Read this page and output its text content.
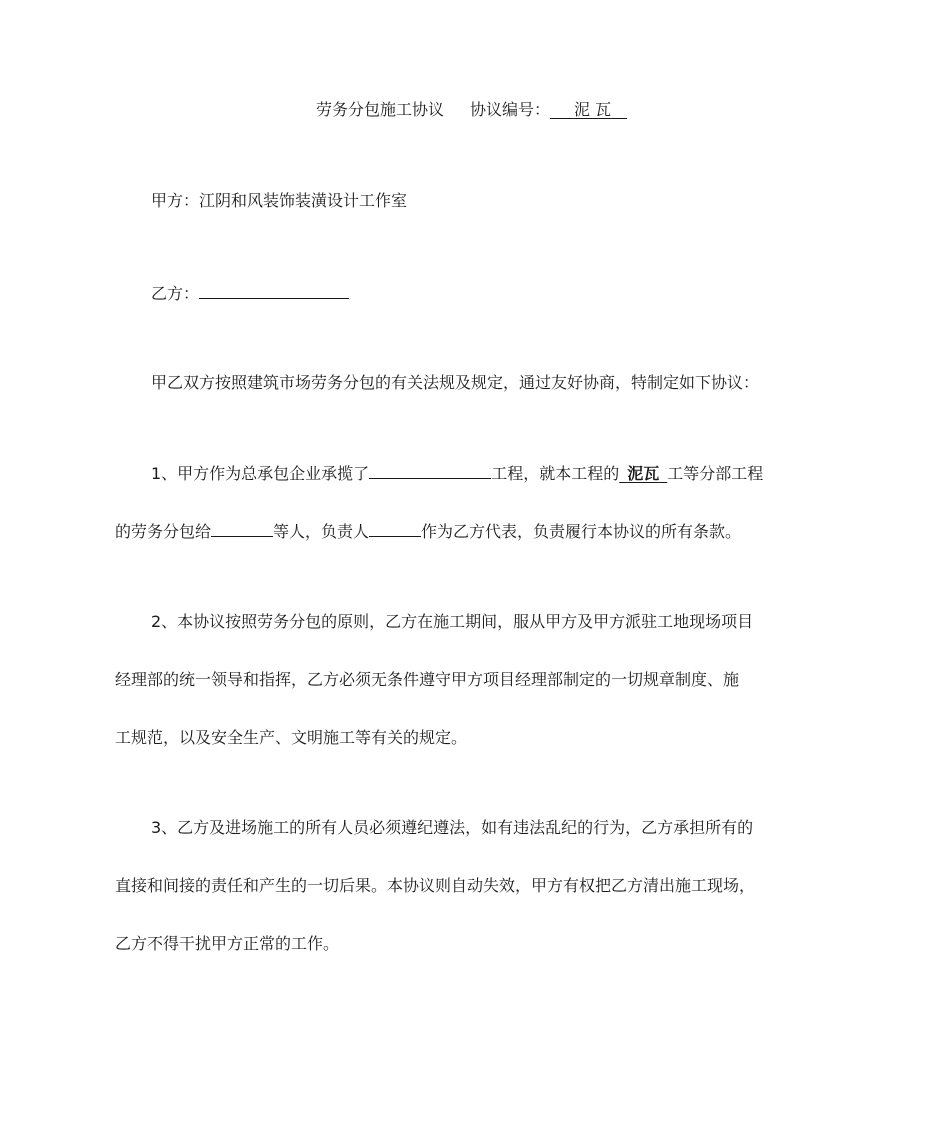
劳务分包施工协议 协议编号：   泥 瓦 
甲方：江阴和风装饰装潢设计工作室
乙方：
甲乙双方按照建筑市场劳务分包的有关法规及规定，通过友好协商，特制定如下协议：
1、甲方作为总承包企业承揽了	工程，就本工程的  泥瓦  工等分部工程
的劳务分包给	等人，负责人	作为乙方代表，负责履行本协议的所有条款。
2、本协议按照劳务分包的原则，乙方在施工期间，服从甲方及甲方派驻工地现场项目
经理部的统一领导和指挥，乙方必须无条件遵守甲方项目经理部制定的一切规章制度、施
工规范，以及安全生产、文明施工等有关的规定。
3、乙方及进场施工的所有人员必须遵纪遵法，如有违法乱纪的行为，乙方承担所有的
直接和间接的责任和产生的一切后果。本协议则自动失效，甲方有权把乙方清出施工现场，
乙方不得干扰甲方正常的工作。
